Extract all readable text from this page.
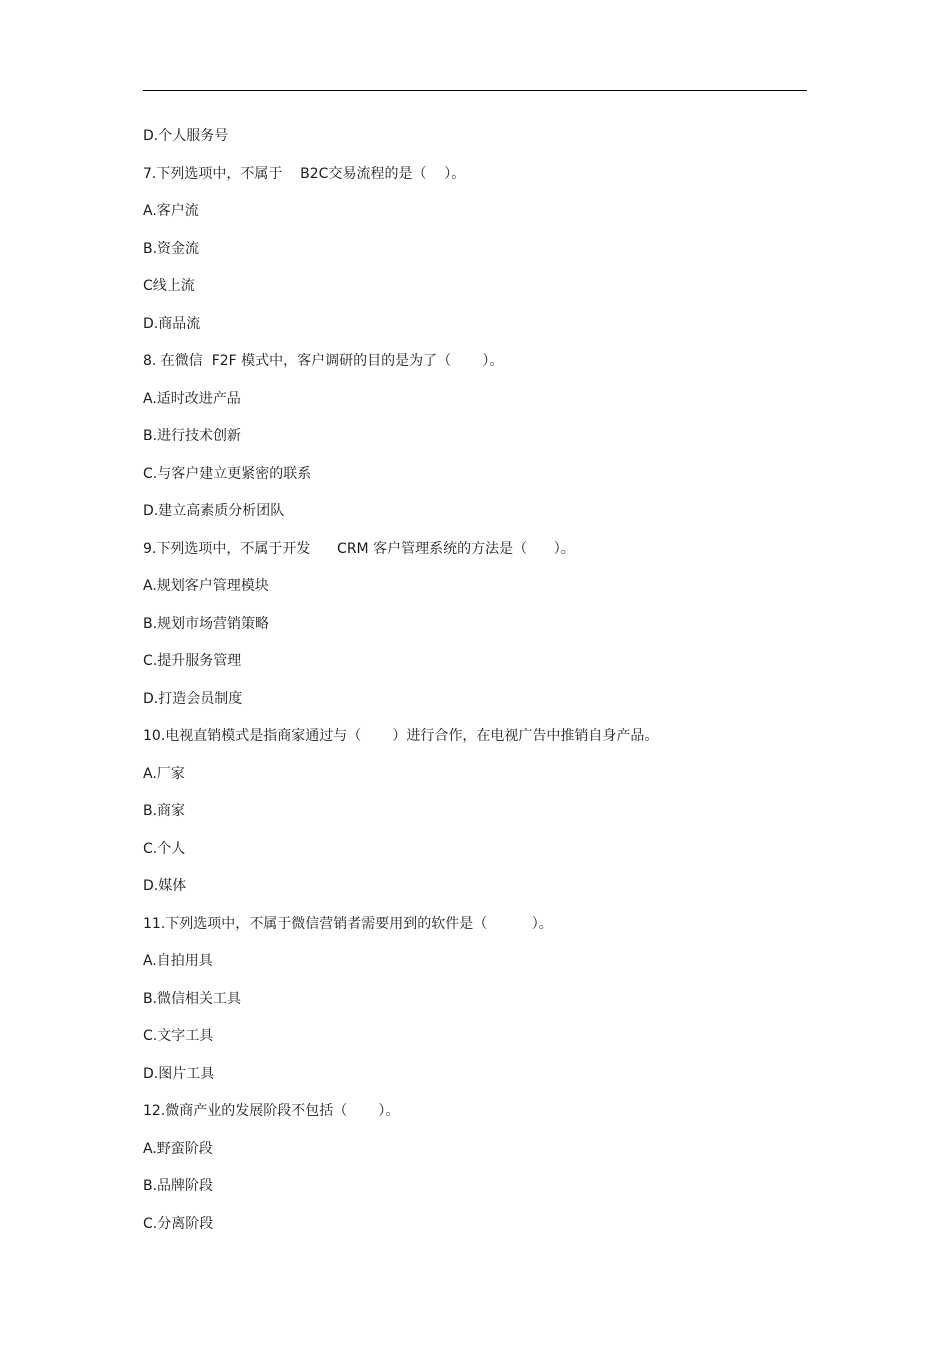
D.个人服务号
7.下列选项中，不属于    B2C交易流程的是（    ）。
A.客户流
B.资金流
C线上流
D.商品流
8. 在微信  F2F 模式中，客户调研的目的是为了（       ）。
A.适时改进产品
B.进行技术创新
C.与客户建立更紧密的联系
D.建立高素质分析团队
9.下列选项中，不属于开发      CRM 客户管理系统的方法是（      ）。
A.规划客户管理模块
B.规划市场营销策略
C.提升服务管理
D.打造会员制度
10.电视直销模式是指商家通过与（       ）进行合作，在电视广告中推销自身产品。
A.厂家
B.商家
C.个人
D.媒体
11.下列选项中，不属于微信营销者需要用到的软件是（          ）。
A.自拍用具
B.微信相关工具
C.文字工具
D.图片工具
12.微商产业的发展阶段不包括（       ）。
A.野蛮阶段
B.品牌阶段
C.分离阶段
